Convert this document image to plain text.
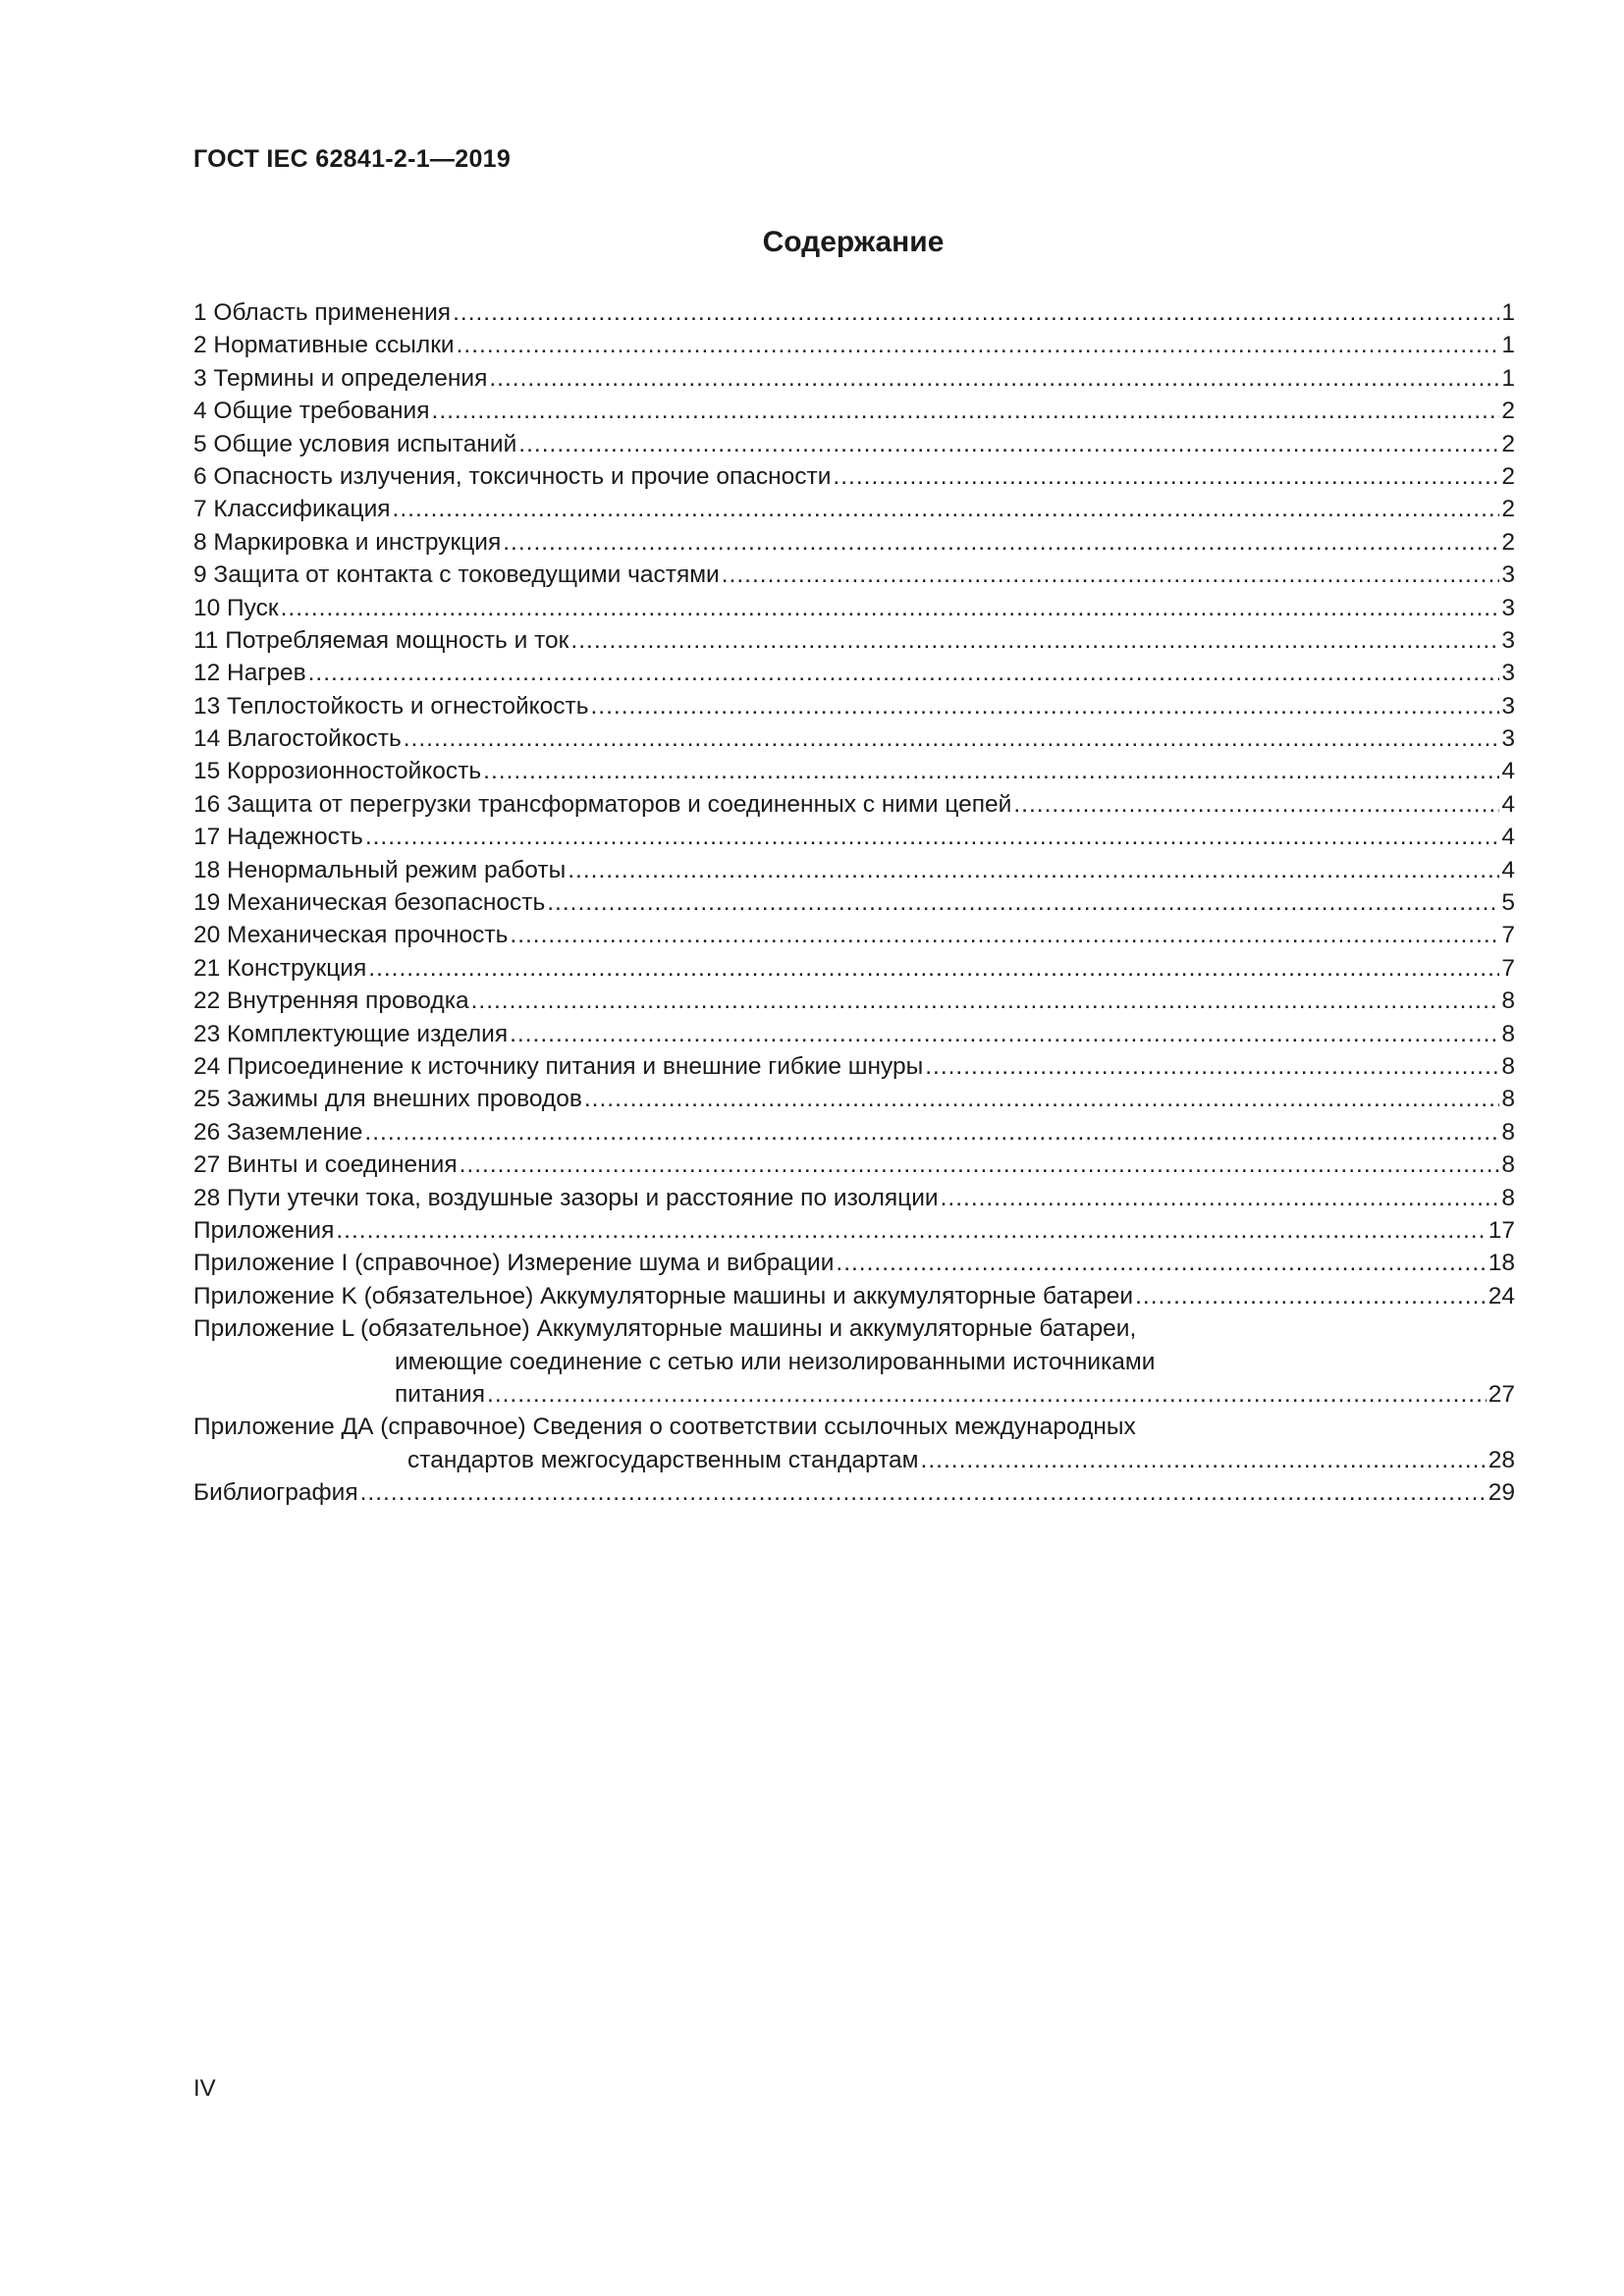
ГОСТ IEC 62841-2-1—2019
Содержание
1 Область применения .....	1
2 Нормативные ссылки .....	1
3 Термины и определения .....	1
4 Общие требования .....	2
5 Общие условия испытаний .....	2
6 Опасность излучения, токсичность и прочие опасности .....	2
7 Классификация .....	2
8 Маркировка и инструкция .....	2
9 Защита от контакта с токоведущими частями .....	3
10 Пуск .....	3
11 Потребляемая мощность и ток .....	3
12 Нагрев .....	3
13 Теплостойкость и огнестойкость .....	3
14 Влагостойкость .....	3
15 Коррозионностойкость .....	4
16 Защита от перегрузки трансформаторов и соединенных с ними цепей .....	4
17 Надежность .....	4
18 Ненормальный режим работы .....	4
19 Механическая безопасность .....	5
20 Механическая прочность .....	7
21 Конструкция .....	7
22 Внутренняя проводка .....	8
23 Комплектующие изделия .....	8
24 Присоединение к источнику питания и внешние гибкие шнуры .....	8
25 Зажимы для внешних проводов .....	8
26 Заземление .....	8
27 Винты и соединения .....	8
28 Пути утечки тока, воздушные зазоры и расстояние по изоляции .....	8
Приложения .....	17
Приложение I (справочное) Измерение шума и вибрации .....	18
Приложение K (обязательное) Аккумуляторные машины и аккумуляторные батареи .....	24
Приложение L (обязательное) Аккумуляторные машины и аккумуляторные батареи,
имеющие соединение с сетью или неизолированными источниками
питания .....	27
Приложение ДА (справочное) Сведения о соответствии ссылочных международных
стандартов межгосударственным стандартам .....	28
Библиография .....	29
IV
